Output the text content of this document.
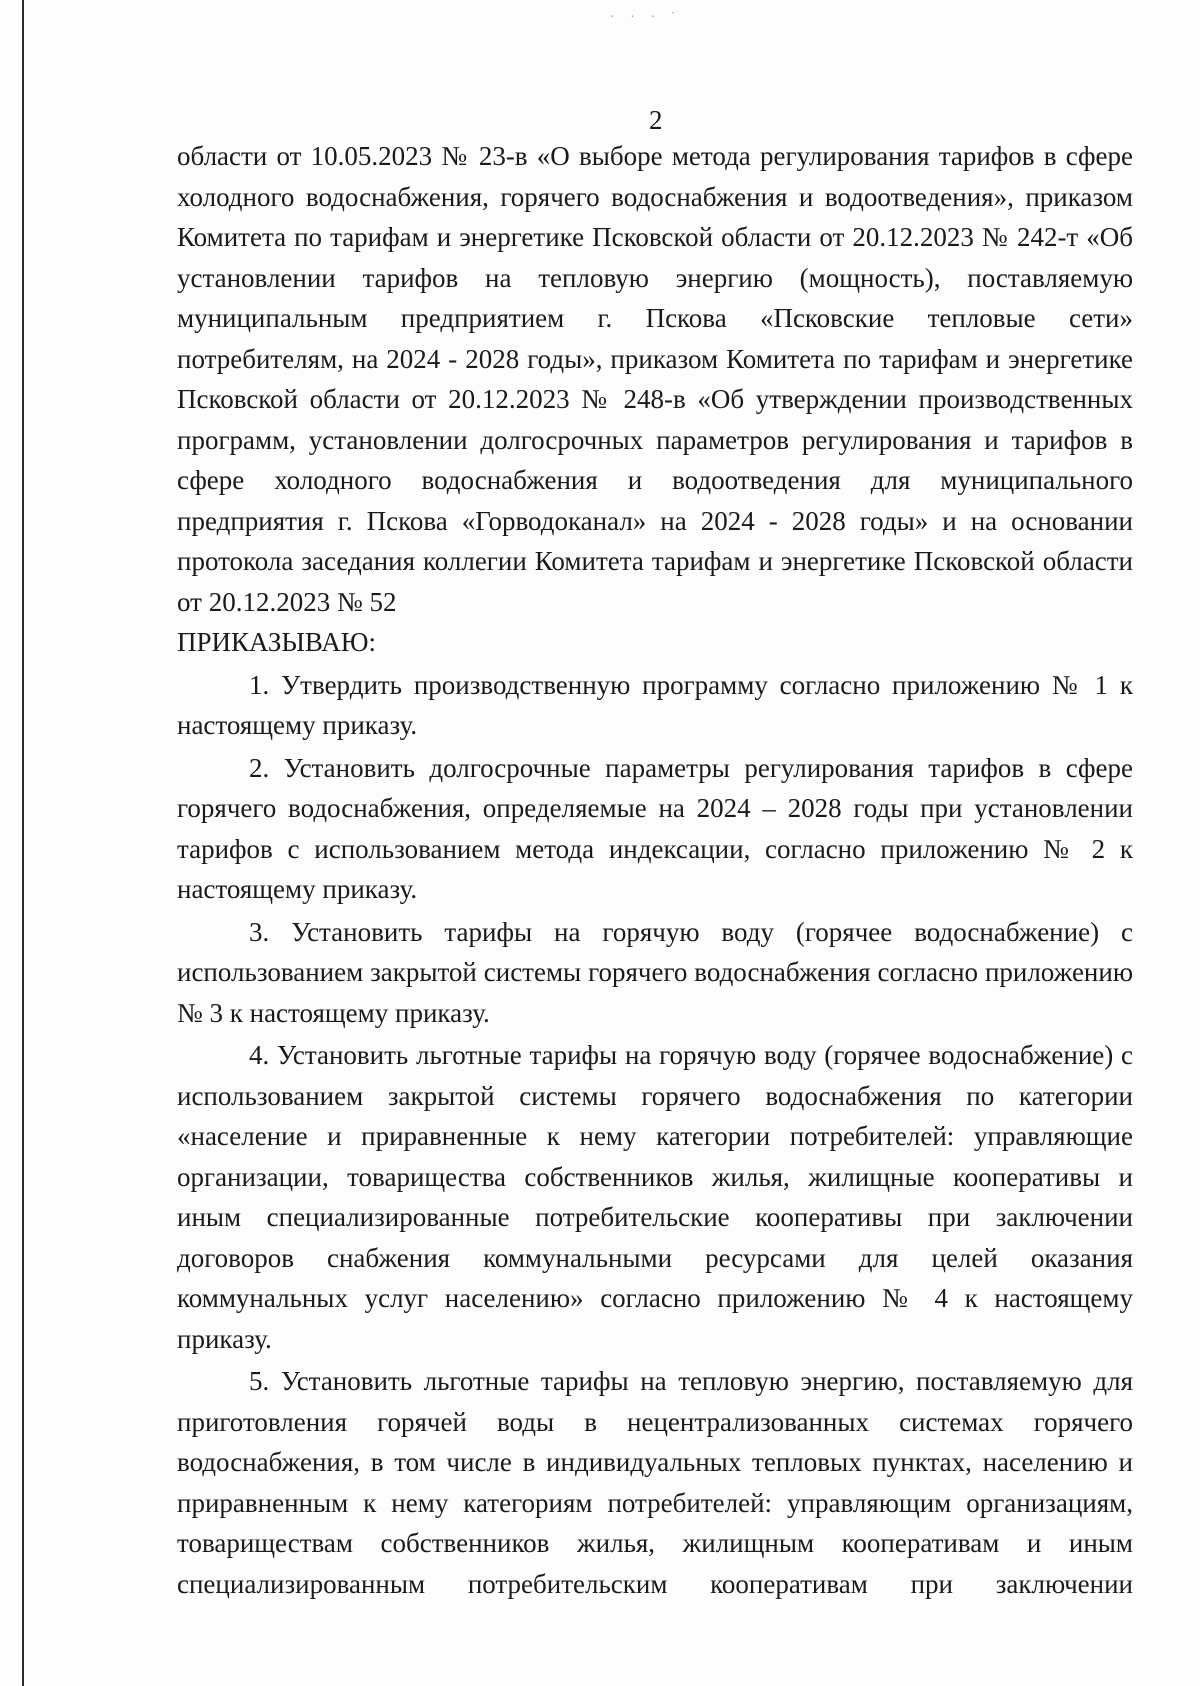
· · · ˙
2

области от 10.05.2023 № 23-в «О выборе метода регулирования тарифов в сфере холодного водоснабжения, горячего водоснабжения и водоотведения», приказом Комитета по тарифам и энергетике Псковской области от 20.12.2023 № 242-т «Об установлении тарифов на тепловую энергию (мощность), поставляемую муниципальным предприятием г. Пскова «Псковские тепловые сети» потребителям, на 2024 - 2028 годы», приказом Комитета по тарифам и энергетике Псковской области от 20.12.2023 № 248-в «Об утверждении производственных программ, установлении долгосрочных параметров регулирования и тарифов в сфере холодного водоснабжения и водоотведения для муниципального предприятия г. Пскова «Горводоканал» на 2024 - 2028 годы» и на основании протокола заседания коллегии Комитета тарифам и энергетике Псковской области от 20.12.2023 № 52

ПРИКАЗЫВАЮ:

1. Утвердить производственную программу согласно приложению № 1 к настоящему приказу.

2. Установить долгосрочные параметры регулирования тарифов в сфере горячего водоснабжения, определяемые на 2024 – 2028 годы при установлении тарифов с использованием метода индексации, согласно приложению № 2 к настоящему приказу.

3. Установить тарифы на горячую воду (горячее водоснабжение) с использованием закрытой системы горячего водоснабжения согласно приложению № 3 к настоящему приказу.

4. Установить льготные тарифы на горячую воду (горячее водоснабжение) с использованием закрытой системы горячего водоснабжения по категории «население и приравненные к нему категории потребителей: управляющие организации, товарищества собственников жилья, жилищные кооперативы и иным специализированные потребительские кооперативы при заключении договоров снабжения коммунальными ресурсами для целей оказания коммунальных услуг населению» согласно приложению № 4 к настоящему приказу.

5. Установить льготные тарифы на тепловую энергию, поставляемую для приготовления горячей воды в нецентрализованных системах горячего водоснабжения, в том числе в индивидуальных тепловых пунктах, населению и приравненным к нему категориям потребителей: управляющим организациям, товариществам собственников жилья, жилищным кооперативам и иным специализированным потребительским кооперативам при заключении
